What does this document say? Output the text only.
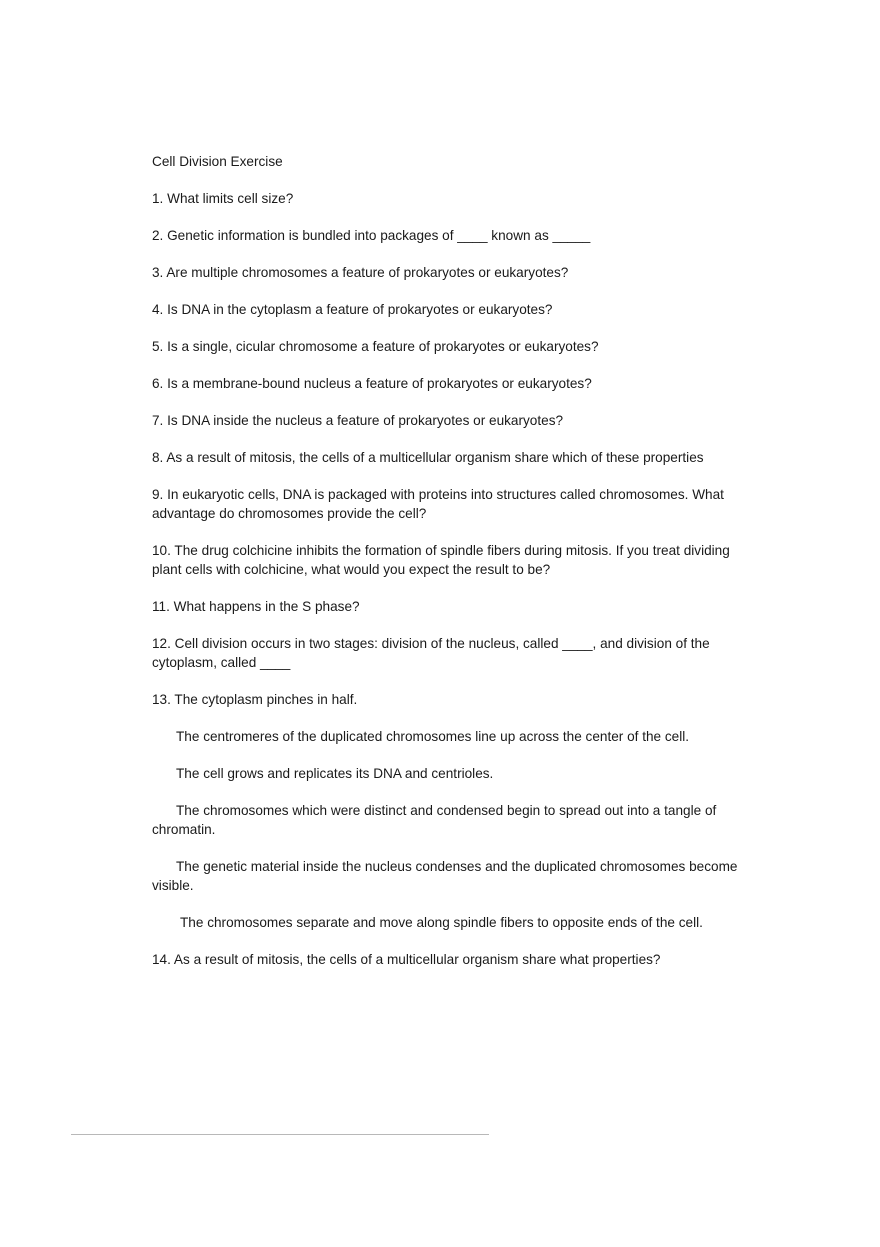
Cell Division Exercise

1. What limits cell size?

2. Genetic information is bundled into packages of ____ known as _____

3. Are multiple chromosomes a feature of prokaryotes or eukaryotes?

4. Is DNA in the cytoplasm a feature of prokaryotes or eukaryotes?

5. Is a single, cicular chromosome a feature of prokaryotes or eukaryotes?

6. Is a membrane-bound nucleus a feature of prokaryotes or eukaryotes?

7. Is DNA inside the nucleus a feature of prokaryotes or eukaryotes?

8. As a result of mitosis, the cells of a multicellular organism share which of these properties

9. In eukaryotic cells, DNA is packaged with proteins into structures called chromosomes. What advantage do chromosomes provide the cell?

10. The drug colchicine inhibits the formation of spindle fibers during mitosis. If you treat dividing plant cells with colchicine, what would you expect the result to be?

11. What happens in the S phase?

12. Cell division occurs in two stages: division of the nucleus, called ____, and division of the cytoplasm, called ____

13. The cytoplasm pinches in half.

The centromeres of the duplicated chromosomes line up across the center of the cell.

The cell grows and replicates its DNA and centrioles.

The chromosomes which were distinct and condensed begin to spread out into a tangle of chromatin.

The genetic material inside the nucleus condenses and the duplicated chromosomes become visible.

The chromosomes separate and move along spindle fibers to opposite ends of the cell.

14. As a result of mitosis, the cells of a multicellular organism share what properties?
